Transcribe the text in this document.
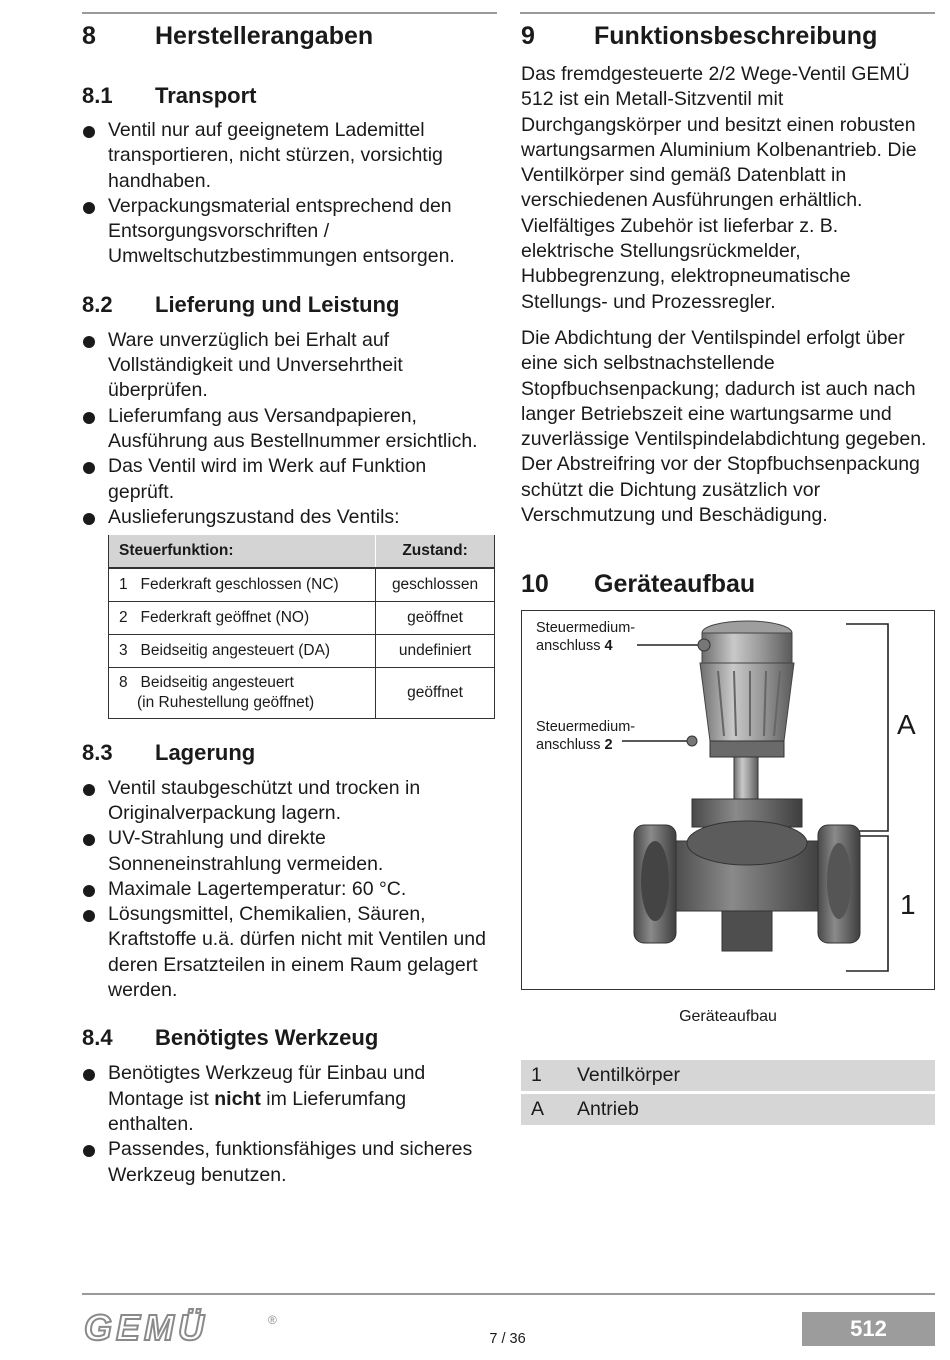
8	Herstellerangaben
8.1	Transport
Ventil nur auf geeignetem Lademittel transportieren, nicht stürzen, vorsichtig handhaben.
Verpackungsmaterial entsprechend den Entsorgungsvorschriften / Umweltschutzbestimmungen entsorgen.
8.2	Lieferung und Leistung
Ware unverzüglich bei Erhalt auf Vollständigkeit und Unversehrtheit überprüfen.
Lieferumfang aus Versandpapieren, Ausführung aus Bestellnummer ersichtlich.
Das Ventil wird im Werk auf Funktion geprüft.
Auslieferungszustand des Ventils:
Steuerfunktion:	Zustand:
1 Federkraft geschlossen (NC)	geschlossen
2 Federkraft geöffnet (NO)	geöffnet
3 Beidseitig angesteuert (DA)	undefiniert
8 Beidseitig angesteuert
(in Ruhestellung geöffnet)	geöffnet
8.3	Lagerung
Ventil staubgeschützt und trocken in Originalverpackung lagern.
UV-Strahlung und direkte Sonneneinstrahlung vermeiden.
Maximale Lagertemperatur: 60 °C.
Lösungsmittel, Chemikalien, Säuren, Kraftstoffe u.ä. dürfen nicht mit Ventilen und deren Ersatzteilen in einem Raum gelagert werden.
8.4	Benötigtes Werkzeug
Benötigtes Werkzeug für Einbau und Montage ist nicht im Lieferumfang enthalten.
Passendes, funktionsfähiges und sicheres Werkzeug benutzen.
9	Funktionsbeschreibung

Das fremdgesteuerte 2/2 Wege-Ventil GEMÜ 512 ist ein Metall-Sitzventil mit Durchgangskörper und besitzt einen robusten wartungsarmen Aluminium Kolbenantrieb. Die Ventilkörper sind gemäß Datenblatt in verschiedenen Ausführungen erhältlich. Vielfältiges Zubehör ist lieferbar z. B. elektrische Stellungsrückmelder, Hubbegrenzung, elektropneumatische Stellungs- und Prozessregler.

Die Abdichtung der Ventilspindel erfolgt über eine sich selbstnachstellende Stopfbuchsenpackung; dadurch ist auch nach langer Betriebszeit eine wartungsarme und zuverlässige Ventilspindelabdichtung gegeben. Der Abstreifring vor der Stopfbuchsenpackung schützt die Dichtung zusätzlich vor Verschmutzung und Beschädigung.

10	Geräteaufbau
Steuermedium-
anschluss 4
Steuermedium-
anschluss 2
A
1
Geräteaufbau
1	Ventilkörper
A	Antrieb
GEMÜ	®
7 / 36	512
